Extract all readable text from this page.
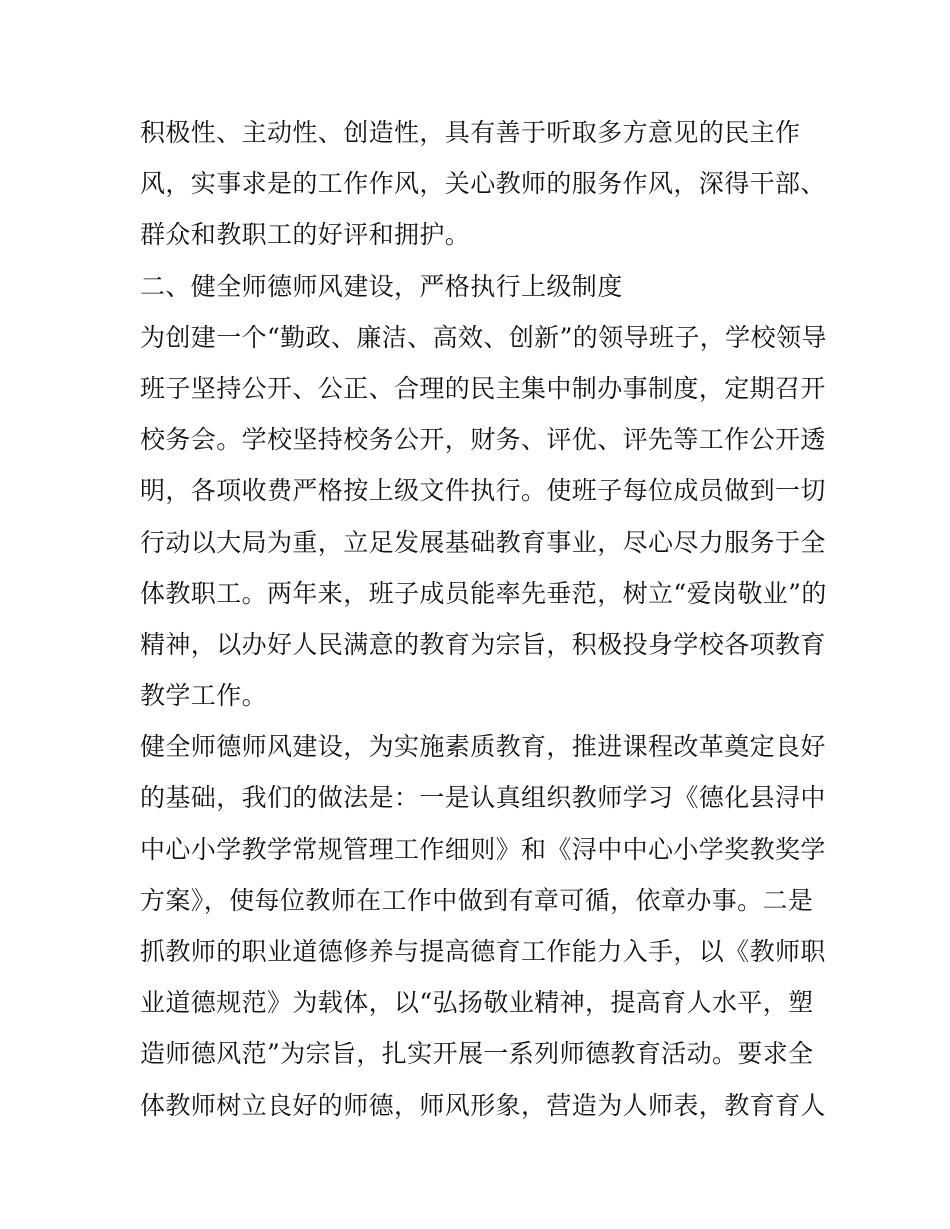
积极性、主动性、创造性，具有善于听取多方意见的民主作
风，实事求是的工作作风，关心教师的服务作风，深得干部、
群众和教职工的好评和拥护。
二、健全师德师风建设，严格执行上级制度
为创建一个“勤政、廉洁、高效、创新”的领导班子，学校领导
班子坚持公开、公正、合理的民主集中制办事制度，定期召开
校务会。学校坚持校务公开，财务、评优、评先等工作公开透
明，各项收费严格按上级文件执行。使班子每位成员做到一切
行动以大局为重，立足发展基础教育事业，尽心尽力服务于全
体教职工。两年来，班子成员能率先垂范，树立“爱岗敬业”的
精神，以办好人民满意的教育为宗旨，积极投身学校各项教育
教学工作。
健全师德师风建设，为实施素质教育，推进课程改革奠定良好
的基础，我们的做法是：一是认真组织教师学习《德化县浔中
中心小学教学常规管理工作细则》和《浔中中心小学奖教奖学
方案》，使每位教师在工作中做到有章可循，依章办事。二是
抓教师的职业道德修养与提高德育工作能力入手，以《教师职
业道德规范》为载体，以“弘扬敬业精神，提高育人水平，塑
造师德风范”为宗旨，扎实开展一系列师德教育活动。要求全
体教师树立良好的师德，师风形象，营造为人师表，教育育人
